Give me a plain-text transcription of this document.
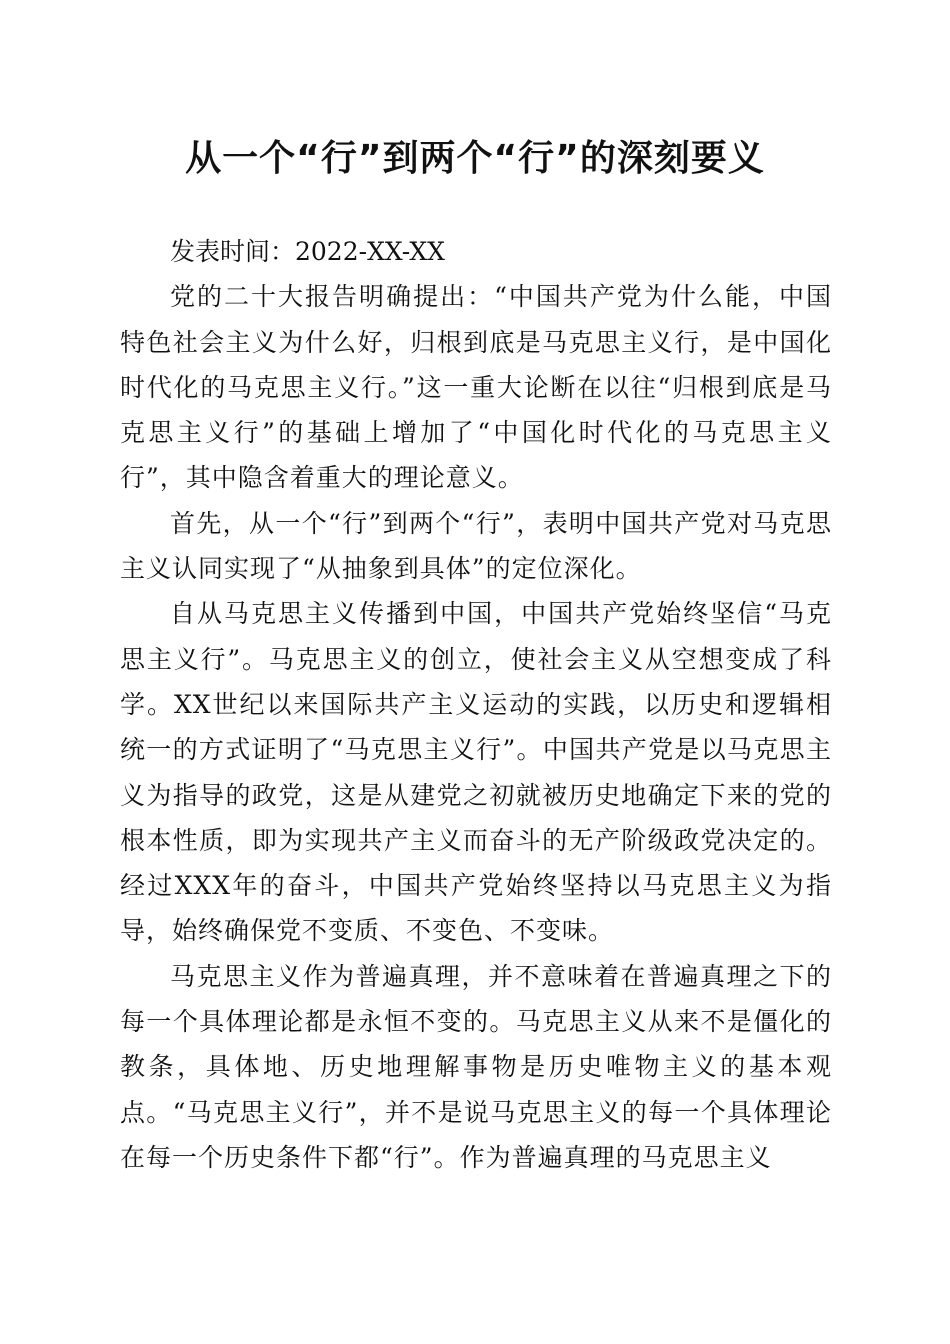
从一个“行”到两个“行”的深刻要义

发表时间：2022-XX-XX

党的二十大报告明确提出：“中国共产党为什么能，中国特色社会主义为什么好，归根到底是马克思主义行，是中国化时代化的马克思主义行。”这一重大论断在以往“归根到底是马克思主义行”的基础上增加了“中国化时代化的马克思主义行”，其中隐含着重大的理论意义。

首先，从一个“行”到两个“行”，表明中国共产党对马克思主义认同实现了“从抽象到具体”的定位深化。

自从马克思主义传播到中国，中国共产党始终坚信“马克思主义行”。马克思主义的创立，使社会主义从空想变成了科学。XX世纪以来国际共产主义运动的实践，以历史和逻辑相统一的方式证明了“马克思主义行”。中国共产党是以马克思主义为指导的政党，这是从建党之初就被历史地确定下来的党的根本性质，即为实现共产主义而奋斗的无产阶级政党决定的。经过XXX年的奋斗，中国共产党始终坚持以马克思主义为指导，始终确保党不变质、不变色、不变味。

马克思主义作为普遍真理，并不意味着在普遍真理之下的每一个具体理论都是永恒不变的。马克思主义从来不是僵化的教条，具体地、历史地理解事物是历史唯物主义的基本观点。“马克思主义行”，并不是说马克思主义的每一个具体理论在每一个历史条件下都“行”。作为普遍真理的马克思主义
